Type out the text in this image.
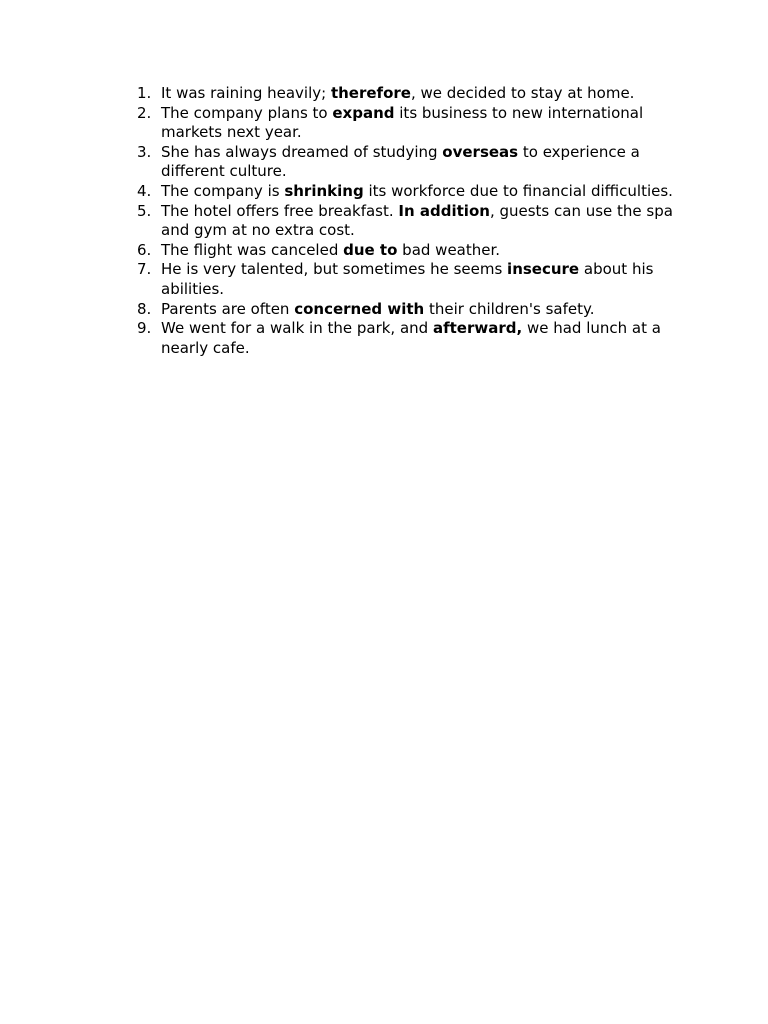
1. It was raining heavily; therefore, we decided to stay at home.
2. The company plans to expand its business to new international markets next year.
3. She has always dreamed of studying overseas to experience a different culture.
4. The company is shrinking its workforce due to financial difficulties.
5. The hotel offers free breakfast. In addition, guests can use the spa and gym at no extra cost.
6. The flight was canceled due to bad weather.
7. He is very talented, but sometimes he seems insecure about his abilities.
8. Parents are often concerned with their children's safety.
9. We went for a walk in the park, and afterward, we had lunch at a nearly cafe.
